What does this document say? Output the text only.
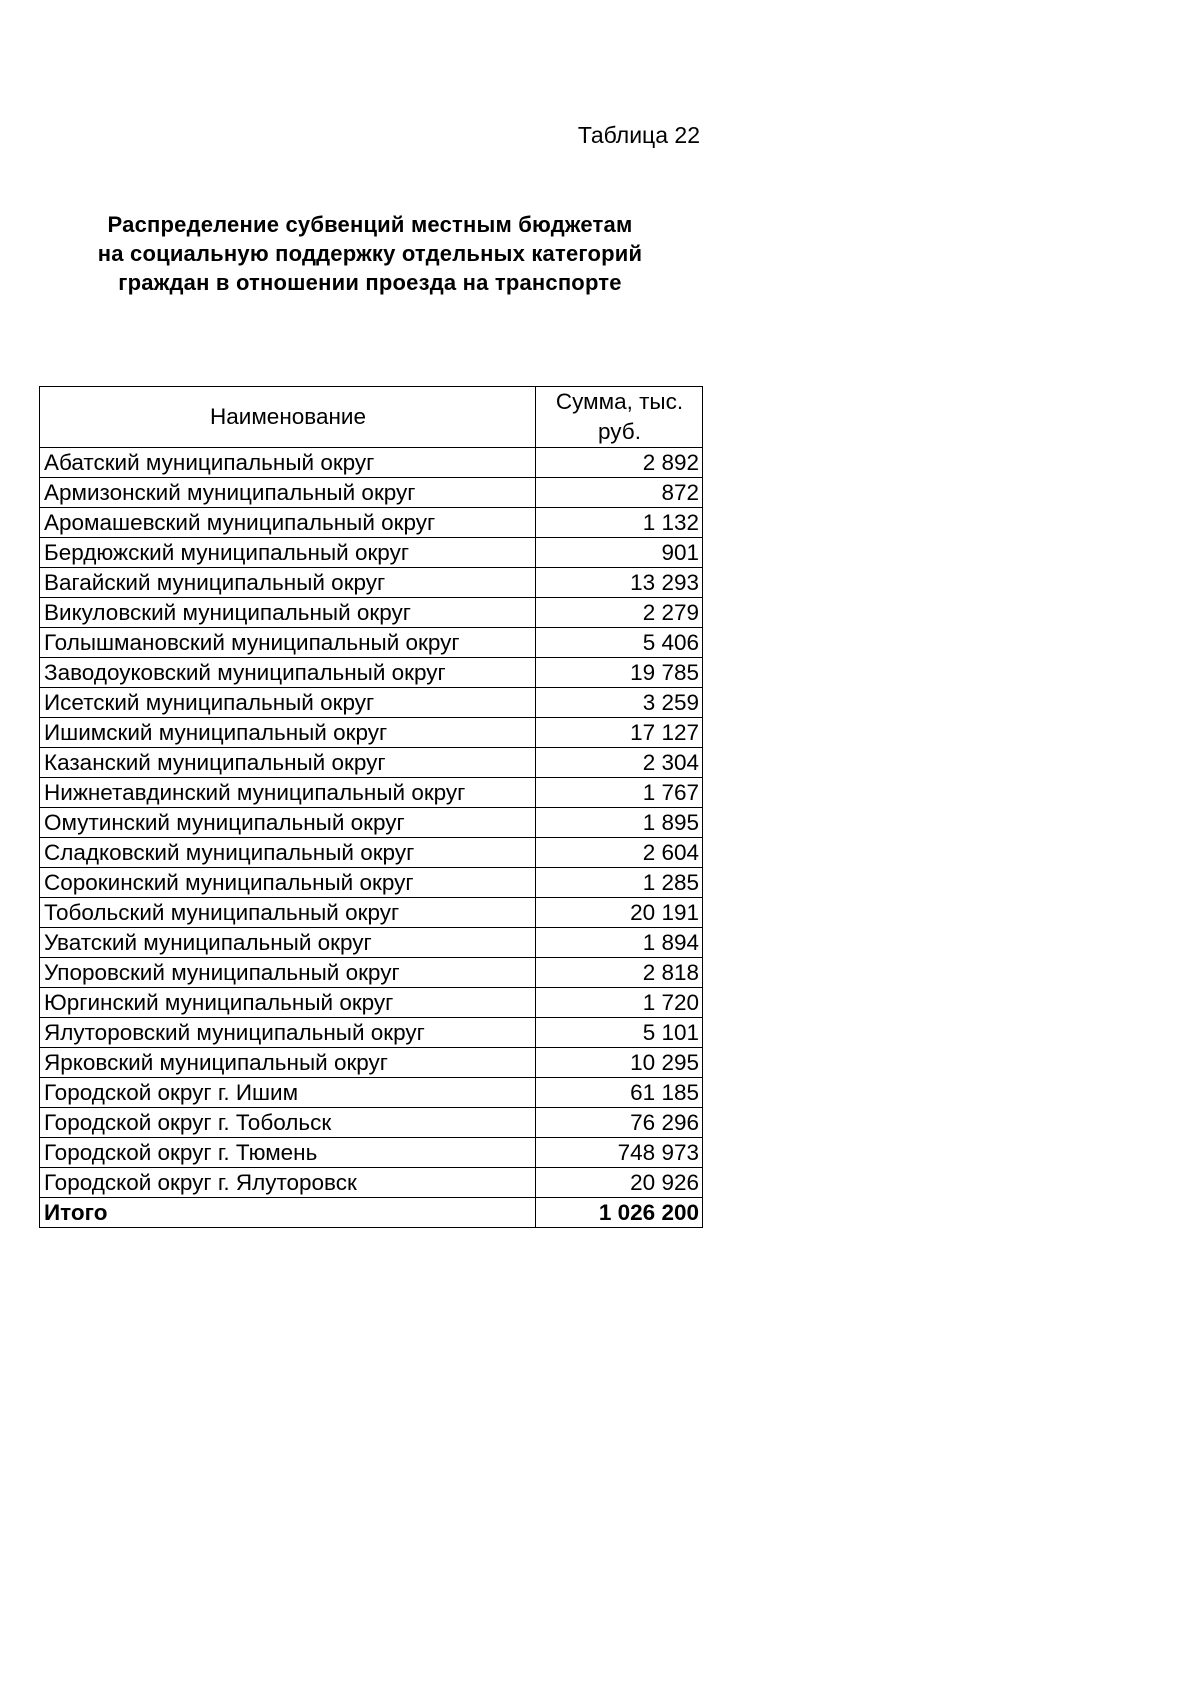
Таблица 22
Распределение субвенций местным бюджетам
на социальную поддержку отдельных категорий
граждан в отношении проезда на транспорте
Наименование	Сумма, тыс. руб.
Абатский муниципальный округ	2 892
Армизонский муниципальный округ	872
Аромашевский муниципальный округ	1 132
Бердюжский муниципальный округ	901
Вагайский муниципальный округ	13 293
Викуловский муниципальный округ	2 279
Голышмановский муниципальный округ	5 406
Заводоуковский муниципальный округ	19 785
Исетский муниципальный округ	3 259
Ишимский муниципальный округ	17 127
Казанский муниципальный округ	2 304
Нижнетавдинский муниципальный округ	1 767
Омутинский муниципальный округ	1 895
Сладковский муниципальный округ	2 604
Сорокинский муниципальный округ	1 285
Тобольский муниципальный округ	20 191
Уватский муниципальный округ	1 894
Упоровский муниципальный округ	2 818
Юргинский муниципальный округ	1 720
Ялуторовский муниципальный округ	5 101
Ярковский муниципальный округ	10 295
Городской округ г. Ишим	61 185
Городской округ г. Тобольск	76 296
Городской округ г. Тюмень	748 973
Городской округ г. Ялуторовск	20 926
Итого	1 026 200
